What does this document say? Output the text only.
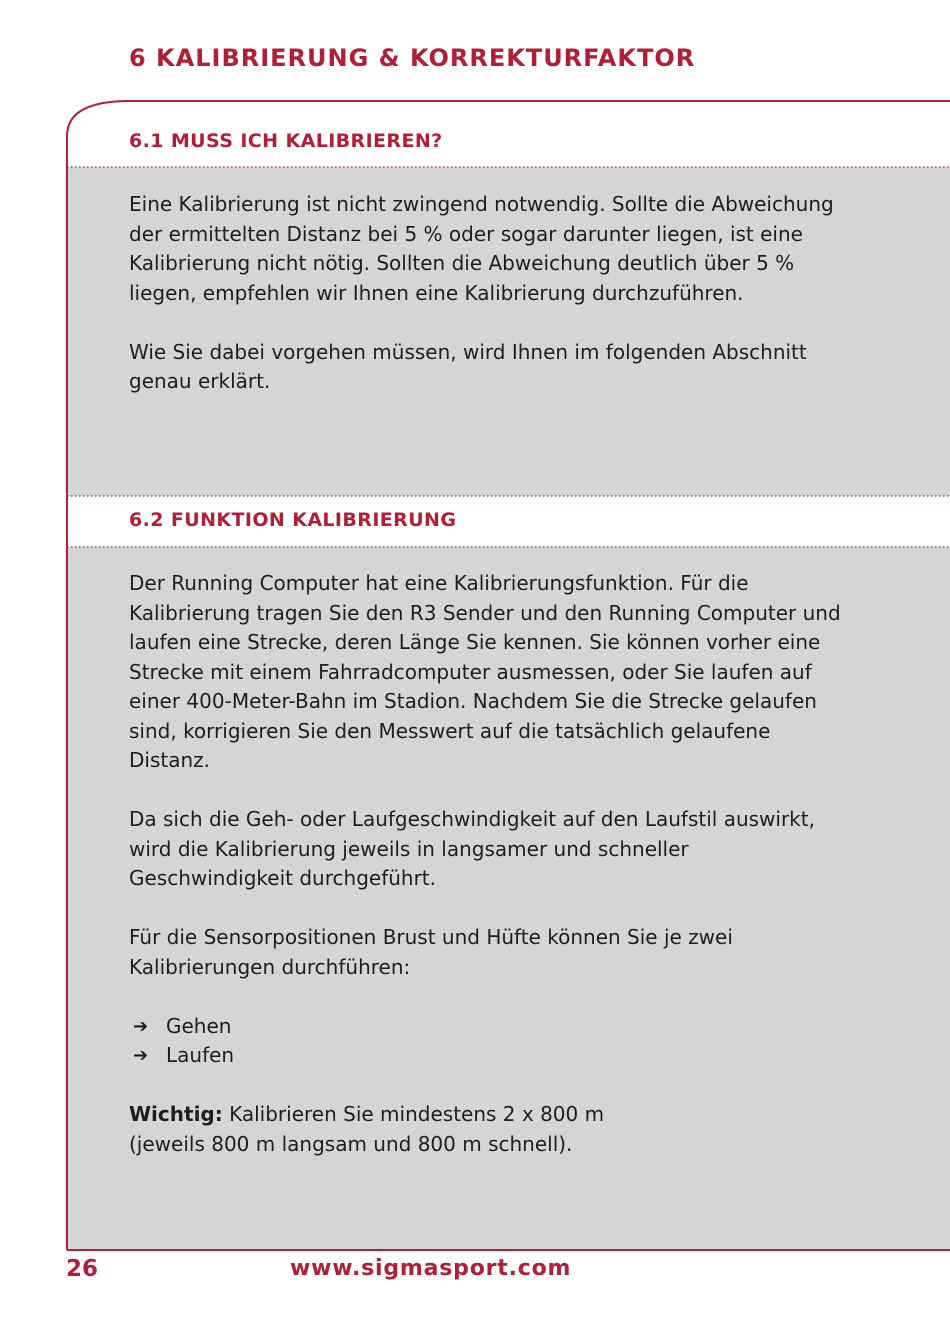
6 KALIBRIERUNG & KORREKTURFAKTOR
6.1 MUSS ICH KALIBRIEREN?

Eine Kalibrierung ist nicht zwingend notwendig. Sollte die Abweichung der ermittelten Distanz bei 5 % oder sogar darunter liegen, ist eine Kalibrierung nicht nötig. Sollten die Abweichung deutlich über 5 % liegen, empfehlen wir Ihnen eine Kalibrierung durchzuführen.

Wie Sie dabei vorgehen müssen, wird Ihnen im folgenden Abschnitt genau erklärt.

6.2 FUNKTION KALIBRIERUNG

Der Running Computer hat eine Kalibrierungsfunktion. Für die Kalibrierung tragen Sie den R3 Sender und den Running Computer und laufen eine Strecke, deren Länge Sie kennen. Sie können vorher eine Strecke mit einem Fahrradcomputer ausmessen, oder Sie laufen auf einer 400-Meter-Bahn im Stadion. Nachdem Sie die Strecke gelaufen sind, korrigieren Sie den Messwert auf die tatsächlich gelaufene Distanz.

Da sich die Geh- oder Laufgeschwindigkeit auf den Laufstil auswirkt, wird die Kalibrierung jeweils in langsamer und schneller Geschwindigkeit durchgeführt.

Für die Sensorpositionen Brust und Hüfte können Sie je zwei Kalibrierungen durchführen:

➔ Gehen
➔ Laufen

Wichtig: Kalibrieren Sie mindestens 2 x 800 m
(jeweils 800 m langsam und 800 m schnell).

26	www.sigmasport.com
